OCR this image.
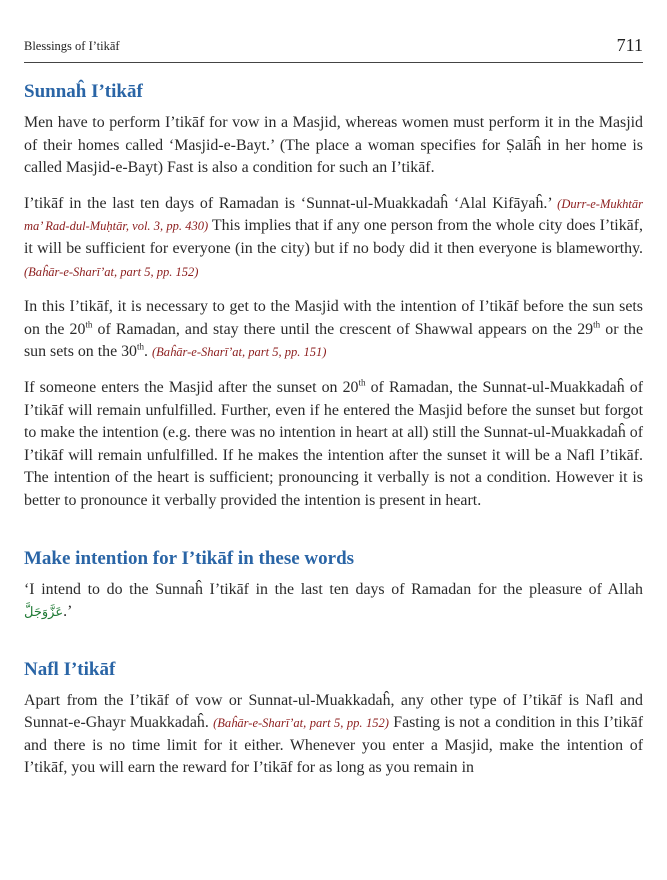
Blessings of I’tikāf	711
Sunnaĥ I’tikāf

Men have to perform I’tikāf for vow in a Masjid, whereas women must perform it in the Masjid of their homes called ‘Masjid-e-Bayt.’ (The place a woman specifies for Ṣalāĥ in her home is called Masjid-e-Bayt) Fast is also a condition for such an I’tikāf.

I’tikāf in the last ten days of Ramadan is ‘Sunnat-ul-Muakkadaĥ ‘Alal Kifāyaĥ.’ (Durr-e-Mukhtār ma’ Rad-dul-Muḥtār, vol. 3, pp. 430) This implies that if any one person from the whole city does I’tikāf, it will be sufficient for everyone (in the city) but if no body did it then everyone is blameworthy. (Baĥār-e-Sharī’at, part 5, pp. 152)

In this I’tikāf, it is necessary to get to the Masjid with the intention of I’tikāf before the sun sets on the 20th of Ramadan, and stay there until the crescent of Shawwal appears on the 29th or the sun sets on the 30th. (Baĥār-e-Sharī’at, part 5, pp. 151)

If someone enters the Masjid after the sunset on 20th of Ramadan, the Sunnat-ul-Muakkadaĥ of I’tikāf will remain unfulfilled. Further, even if he entered the Masjid before the sunset but forgot to make the intention (e.g. there was no intention in heart at all) still the Sunnat-ul-Muakkadaĥ of I’tikāf will remain unfulfilled. If he makes the intention after the sunset it will be a Nafl I’tikāf. The intention of the heart is sufficient; pronouncing it verbally is not a condition. However it is better to pronounce it verbally provided the intention is present in heart.

Make intention for I’tikāf in these words

‘I intend to do the Sunnaĥ I’tikāf in the last ten days of Ramadan for the pleasure of Allah عَزَّوَجَلَّ.’

Nafl I’tikāf

Apart from the I’tikāf of vow or Sunnat-ul-Muakkadaĥ, any other type of I’tikāf is Nafl and Sunnat-e-Ghayr Muakkadaĥ. (Baĥār-e-Sharī’at, part 5, pp. 152) Fasting is not a condition in this I’tikāf and there is no time limit for it either. Whenever you enter a Masjid, make the intention of I’tikāf, you will earn the reward for I’tikāf for as long as you remain in
